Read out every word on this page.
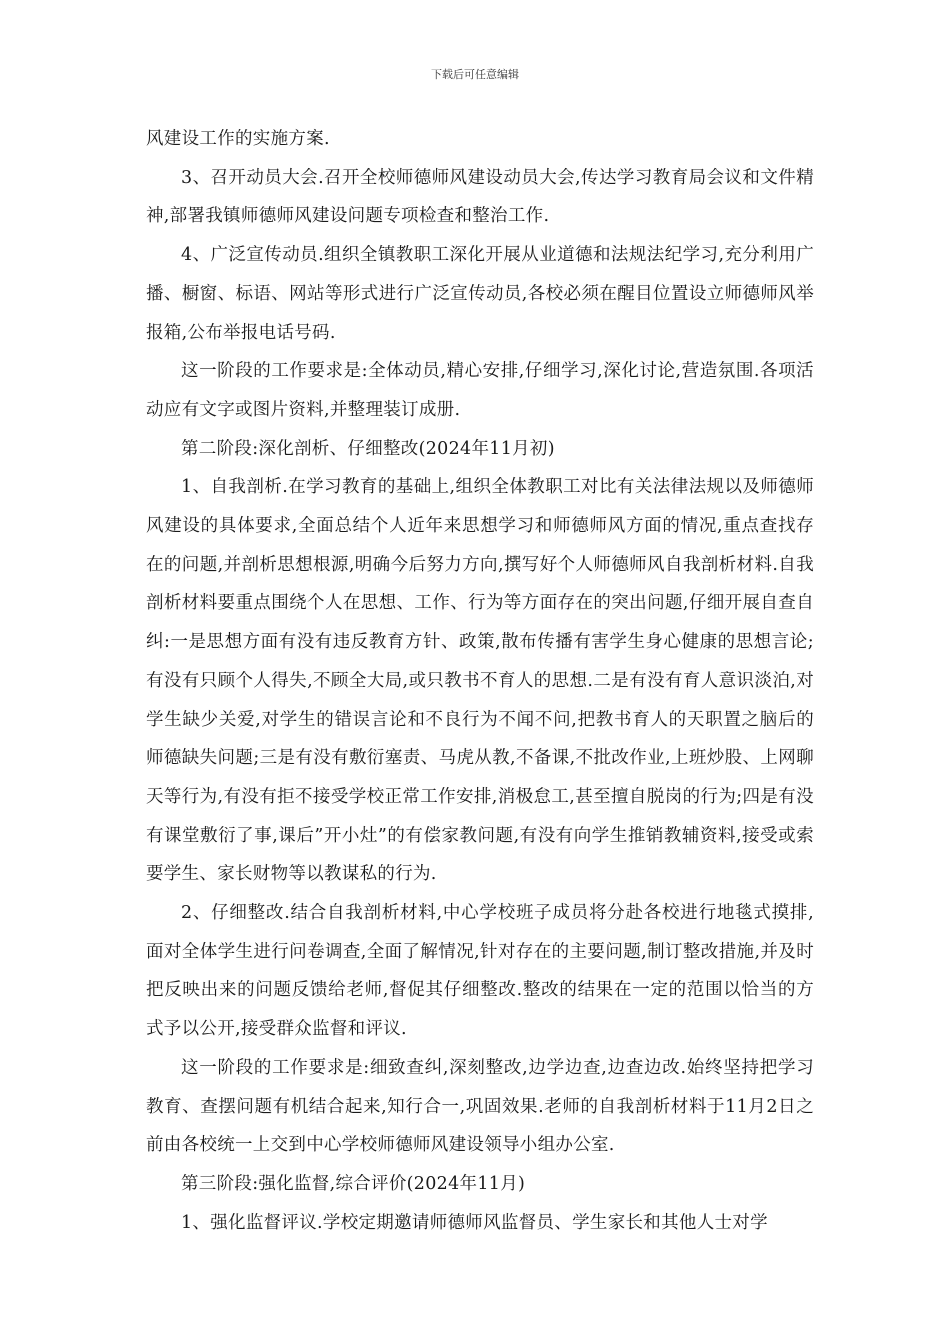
下载后可任意编辑

风建设工作的实施方案.

3、召开动员大会.召开全校师德师风建设动员大会,传达学习教育局会议和文件精神,部署我镇师德师风建设问题专项检查和整治工作.

4、广泛宣传动员.组织全镇教职工深化开展从业道德和法规法纪学习,充分利用广播、橱窗、标语、网站等形式进行广泛宣传动员,各校必须在醒目位置设立师德师风举报箱,公布举报电话号码.

这一阶段的工作要求是:全体动员,精心安排,仔细学习,深化讨论,营造氛围.各项活动应有文字或图片资料,并整理装订成册.

第二阶段:深化剖析、仔细整改(2024年11月初)

1、自我剖析.在学习教育的基础上,组织全体教职工对比有关法律法规以及师德师风建设的具体要求,全面总结个人近年来思想学习和师德师风方面的情况,重点查找存在的问题,并剖析思想根源,明确今后努力方向,撰写好个人师德师风自我剖析材料.自我剖析材料要重点围绕个人在思想、工作、行为等方面存在的突出问题,仔细开展自查自纠:一是思想方面有没有违反教育方针、政策,散布传播有害学生身心健康的思想言论;有没有只顾个人得失,不顾全大局,或只教书不育人的思想.二是有没有育人意识淡泊,对学生缺少关爱,对学生的错误言论和不良行为不闻不问,把教书育人的天职置之脑后的师德缺失问题;三是有没有敷衍塞责、马虎从教,不备课,不批改作业,上班炒股、上网聊天等行为,有没有拒不接受学校正常工作安排,消极怠工,甚至擅自脱岗的行为;四是有没有课堂敷衍了事,课后”开小灶”的有偿家教问题,有没有向学生推销教辅资料,接受或索要学生、家长财物等以教谋私的行为.

2、仔细整改.结合自我剖析材料,中心学校班子成员将分赴各校进行地毯式摸排,面对全体学生进行问卷调查,全面了解情况,针对存在的主要问题,制订整改措施,并及时把反映出来的问题反馈给老师,督促其仔细整改.整改的结果在一定的范围以恰当的方式予以公开,接受群众监督和评议.

这一阶段的工作要求是:细致查纠,深刻整改,边学边查,边查边改.始终坚持把学习教育、查摆问题有机结合起来,知行合一,巩固效果.老师的自我剖析材料于11月2日之前由各校统一上交到中心学校师德师风建设领导小组办公室.

第三阶段:强化监督,综合评价(2024年11月)

1、强化监督评议.学校定期邀请师德师风监督员、学生家长和其他人士对学
